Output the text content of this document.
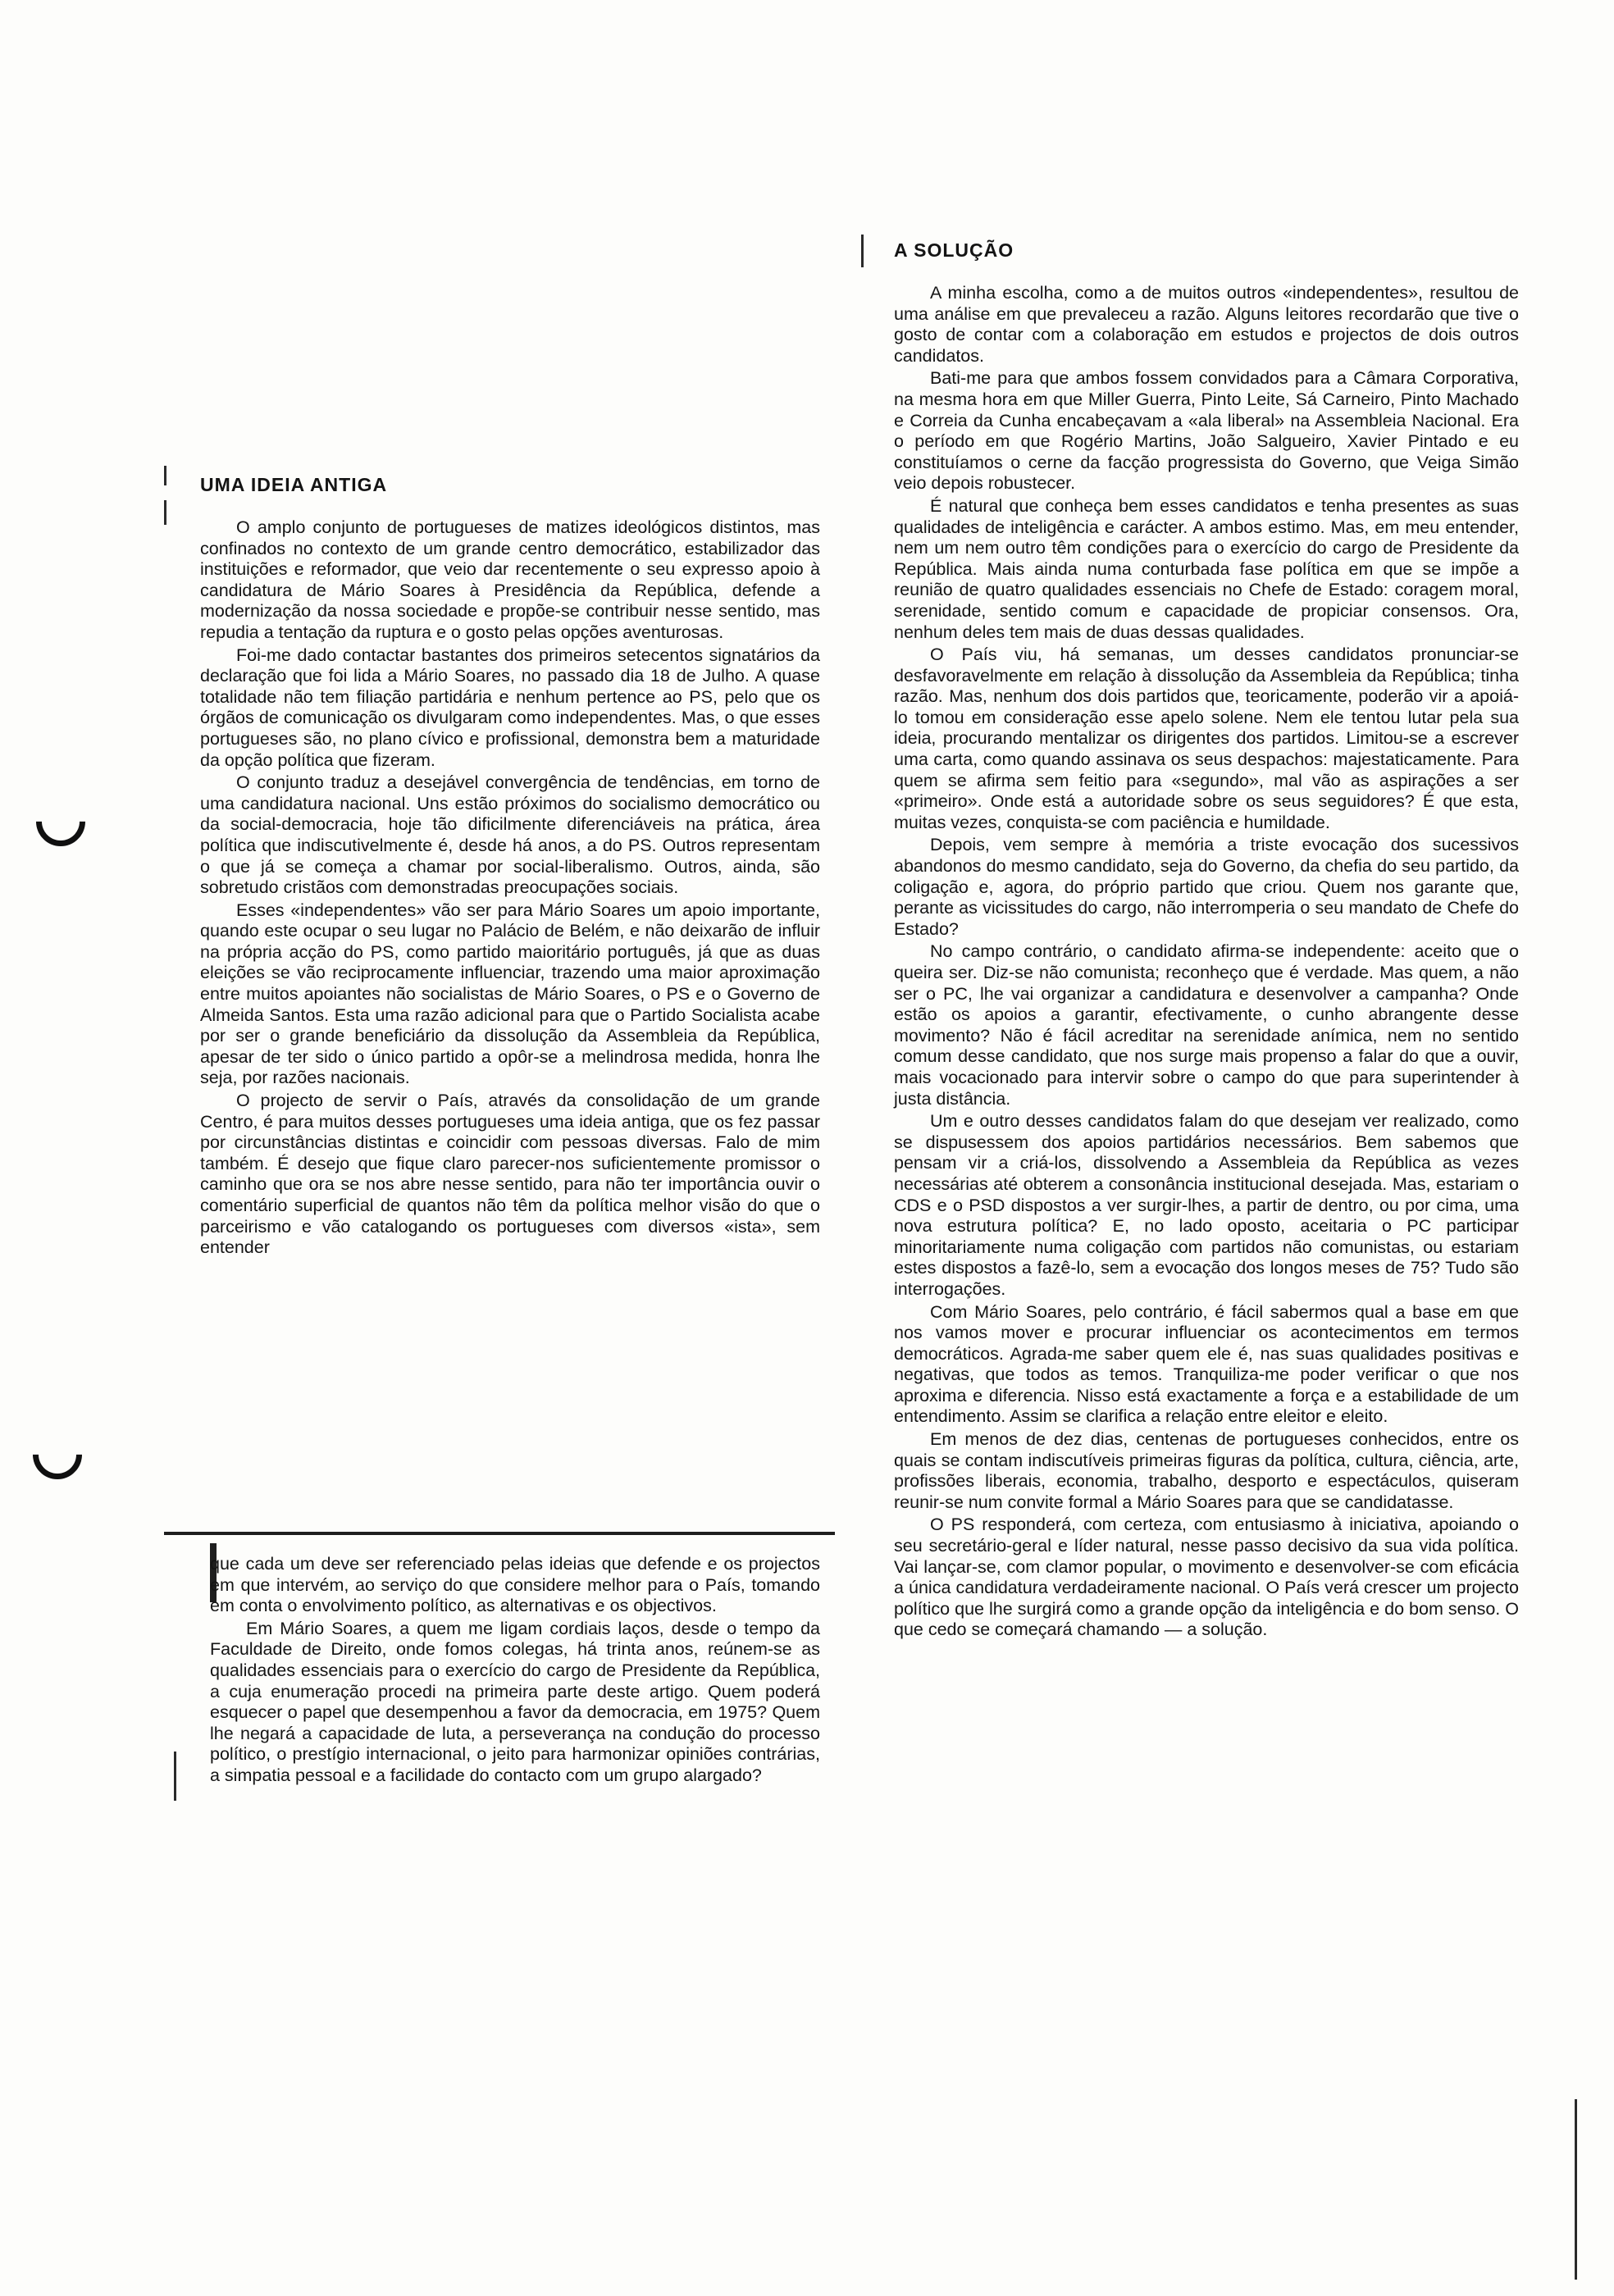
UMA IDEIA ANTIGA

O amplo conjunto de portugueses de matizes ideológicos distintos, mas confinados no contexto de um grande centro democrático, estabilizador das instituições e reformador, que veio dar recentemente o seu expresso apoio à candidatura de Mário Soares à Presidência da República, defende a modernização da nossa sociedade e propõe-se contribuir nesse sentido, mas repudia a tentação da ruptura e o gosto pelas opções aventurosas.

Foi-me dado contactar bastantes dos primeiros setecentos signatários da declaração que foi lida a Mário Soares, no passado dia 18 de Julho. A quase totalidade não tem filiação partidária e nenhum pertence ao PS, pelo que os órgãos de comunicação os divulgaram como independentes. Mas, o que esses portugueses são, no plano cívico e profissional, demonstra bem a maturidade da opção política que fizeram.

O conjunto traduz a desejável convergência de tendências, em torno de uma candidatura nacional. Uns estão próximos do socialismo democrático ou da social-democracia, hoje tão dificilmente diferenciáveis na prática, área política que indiscutivelmente é, desde há anos, a do PS. Outros representam o que já se começa a chamar por social-liberalismo. Outros, ainda, são sobretudo cristãos com demonstradas preocupações sociais.

Esses «independentes» vão ser para Mário Soares um apoio importante, quando este ocupar o seu lugar no Palácio de Belém, e não deixarão de influir na própria acção do PS, como partido maioritário português, já que as duas eleições se vão reciprocamente influenciar, trazendo uma maior aproximação entre muitos apoiantes não socialistas de Mário Soares, o PS e o Governo de Almeida Santos. Esta uma razão adicional para que o Partido Socialista acabe por ser o grande beneficiário da dissolução da Assembleia da República, apesar de ter sido o único partido a opôr-se a melindrosa medida, honra lhe seja, por razões nacionais.

O projecto de servir o País, através da consolidação de um grande Centro, é para muitos desses portugueses uma ideia antiga, que os fez passar por circunstâncias distintas e coincidir com pessoas diversas. Falo de mim também. É desejo que fique claro parecer-nos suficientemente promissor o caminho que ora se nos abre nesse sentido, para não ter importância ouvir o comentário superficial de quantos não têm da política melhor visão do que o parceirismo e vão catalogando os portugueses com diversos «ista», sem entender

que cada um deve ser referenciado pelas ideias que defende e os projectos em que intervém, ao serviço do que considere melhor para o País, tomando em conta o envolvimento político, as alternativas e os objectivos.

Em Mário Soares, a quem me ligam cordiais laços, desde o tempo da Faculdade de Direito, onde fomos colegas, há trinta anos, reúnem-se as qualidades essenciais para o exercício do cargo de Presidente da República, a cuja enumeração procedi na primeira parte deste artigo. Quem poderá esquecer o papel que desempenhou a favor da democracia, em 1975? Quem lhe negará a capacidade de luta, a perseverança na condução do processo político, o prestígio internacional, o jeito para harmonizar opiniões contrárias, a simpatia pessoal e a facilidade do contacto com um grupo alargado?

A SOLUÇÃO

A minha escolha, como a de muitos outros «independentes», resultou de uma análise em que prevaleceu a razão. Alguns leitores recordarão que tive o gosto de contar com a colaboração em estudos e projectos de dois outros candidatos.

Bati-me para que ambos fossem convidados para a Câmara Corporativa, na mesma hora em que Miller Guerra, Pinto Leite, Sá Carneiro, Pinto Machado e Correia da Cunha encabeçavam a «ala liberal» na Assembleia Nacional. Era o período em que Rogério Martins, João Salgueiro, Xavier Pintado e eu constituíamos o cerne da facção progressista do Governo, que Veiga Simão veio depois robustecer.

É natural que conheça bem esses candidatos e tenha presentes as suas qualidades de inteligência e carácter. A ambos estimo. Mas, em meu entender, nem um nem outro têm condições para o exercício do cargo de Presidente da República. Mais ainda numa conturbada fase política em que se impõe a reunião de quatro qualidades essenciais no Chefe de Estado: coragem moral, serenidade, sentido comum e capacidade de propiciar consensos. Ora, nenhum deles tem mais de duas dessas qualidades.

O País viu, há semanas, um desses candidatos pronunciar-se desfavoravelmente em relação à dissolução da Assembleia da República; tinha razão. Mas, nenhum dos dois partidos que, teoricamente, poderão vir a apoiá-lo tomou em consideração esse apelo solene. Nem ele tentou lutar pela sua ideia, procurando mentalizar os dirigentes dos partidos. Limitou-se a escrever uma carta, como quando assinava os seus despachos: majestaticamente. Para quem se afirma sem feitio para «segundo», mal vão as aspirações a ser «primeiro». Onde está a autoridade sobre os seus seguidores? É que esta, muitas vezes, conquista-se com paciência e humildade.

Depois, vem sempre à memória a triste evocação dos sucessivos abandonos do mesmo candidato, seja do Governo, da chefia do seu partido, da coligação e, agora, do próprio partido que criou. Quem nos garante que, perante as vicissitudes do cargo, não interromperia o seu mandato de Chefe do Estado?

No campo contrário, o candidato afirma-se independente: aceito que o queira ser. Diz-se não comunista; reconheço que é verdade. Mas quem, a não ser o PC, lhe vai organizar a candidatura e desenvolver a campanha? Onde estão os apoios a garantir, efectivamente, o cunho abrangente desse movimento? Não é fácil acreditar na serenidade anímica, nem no sentido comum desse candidato, que nos surge mais propenso a falar do que a ouvir, mais vocacionado para intervir sobre o campo do que para superintender à justa distância.

Um e outro desses candidatos falam do que desejam ver realizado, como se dispusessem dos apoios partidários necessários. Bem sabemos que pensam vir a criá-los, dissolvendo a Assembleia da República as vezes necessárias até obterem a consonância institucional desejada. Mas, estariam o CDS e o PSD dispostos a ver surgir-lhes, a partir de dentro, ou por cima, uma nova estrutura política? E, no lado oposto, aceitaria o PC participar minoritariamente numa coligação com partidos não comunistas, ou estariam estes dispostos a fazê-lo, sem a evocação dos longos meses de 75? Tudo são interrogações.

Com Mário Soares, pelo contrário, é fácil sabermos qual a base em que nos vamos mover e procurar influenciar os acontecimentos em termos democráticos. Agrada-me saber quem ele é, nas suas qualidades positivas e negativas, que todos as temos. Tranquiliza-me poder verificar o que nos aproxima e diferencia. Nisso está exactamente a força e a estabilidade de um entendimento. Assim se clarifica a relação entre eleitor e eleito.

Em menos de dez dias, centenas de portugueses conhecidos, entre os quais se contam indiscutíveis primeiras figuras da política, cultura, ciência, arte, profissões liberais, economia, trabalho, desporto e espectáculos, quiseram reunir-se num convite formal a Mário Soares para que se candidatasse.

O PS responderá, com certeza, com entusiasmo à iniciativa, apoiando o seu secretário-geral e líder natural, nesse passo decisivo da sua vida política. Vai lançar-se, com clamor popular, o movimento e desenvolver-se com eficácia a única candidatura verdadeiramente nacional. O País verá crescer um projecto político que lhe surgirá como a grande opção da inteligência e do bom senso. O que cedo se começará chamando — a solução.
